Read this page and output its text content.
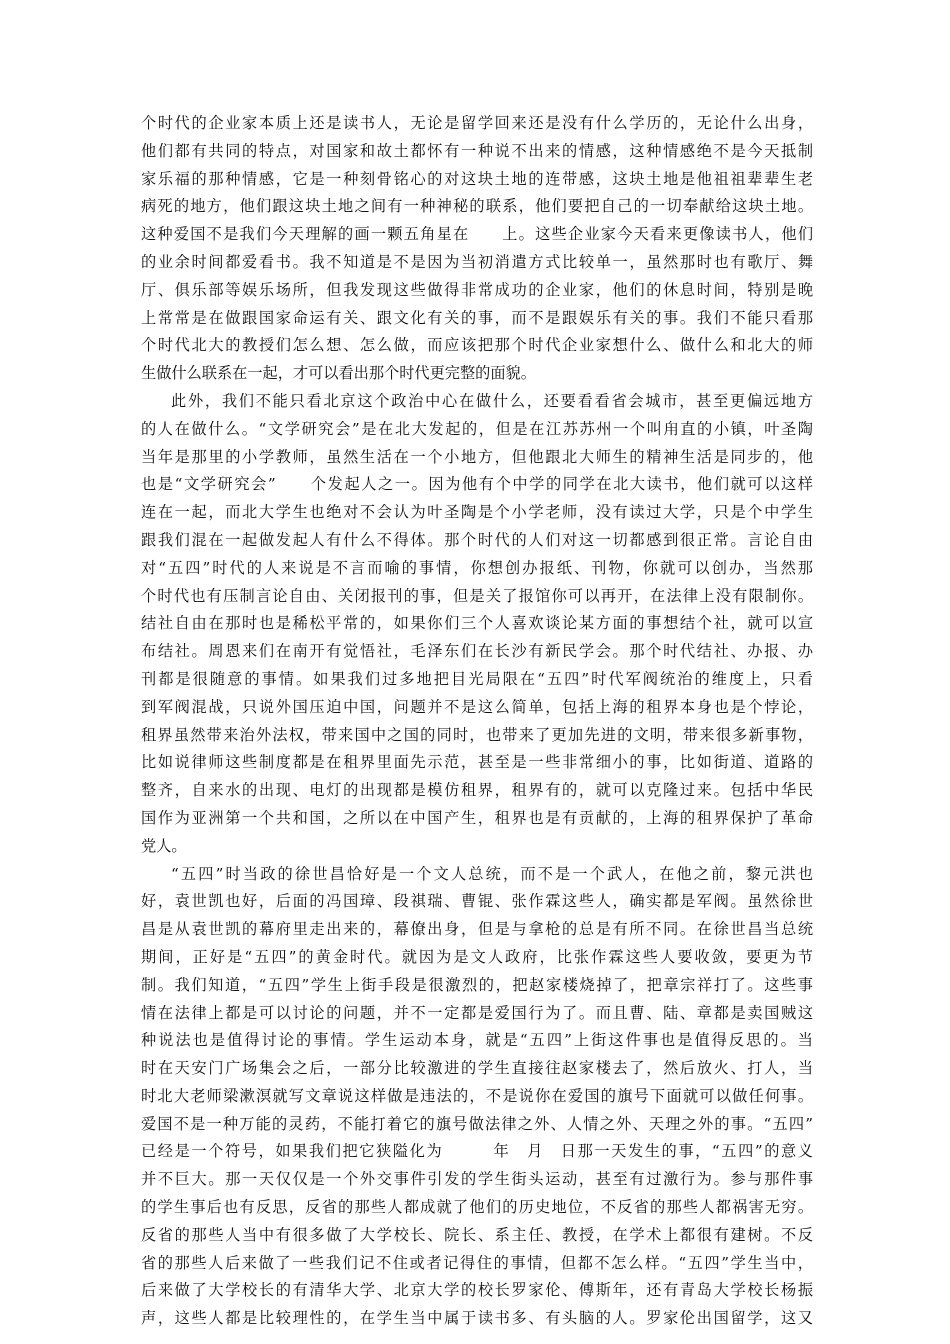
个时代的企业家本质上还是读书人，无论是留学回来还是没有什么学历的，无论什么出身，
他们都有共同的特点，对国家和故土都怀有一种说不出来的情感，这种情感绝不是今天抵制
家乐福的那种情感，它是一种刻骨铭心的对这块土地的连带感，这块土地是他祖祖辈辈生老
病死的地方，他们跟这块土地之间有一种神秘的联系，他们要把自己的一切奉献给这块土地。
这种爱国不是我们今天理解的画一颗五角星在　　上。这些企业家今天看来更像读书人，他们
的业余时间都爱看书。我不知道是不是因为当初消遣方式比较单一，虽然那时也有歌厅、舞
厅、俱乐部等娱乐场所，但我发现这些做得非常成功的企业家，他们的休息时间，特别是晚
上常常是在做跟国家命运有关、跟文化有关的事，而不是跟娱乐有关的事。我们不能只看那
个时代北大的教授们怎么想、怎么做，而应该把那个时代企业家想什么、做什么和北大的师
生做什么联系在一起，才可以看出那个时代更完整的面貌。
此外，我们不能只看北京这个政治中心在做什么，还要看看省会城市，甚至更偏远地方
的人在做什么。“文学研究会”是在北大发起的，但是在江苏苏州一个叫甪直的小镇，叶圣陶
当年是那里的小学教师，虽然生活在一个小地方，但他跟北大师生的精神生活是同步的，他
也是“文学研究会”　　个发起人之一。因为他有个中学的同学在北大读书，他们就可以这样
连在一起，而北大学生也绝对不会认为叶圣陶是个小学老师，没有读过大学，只是个中学生
跟我们混在一起做发起人有什么不得体。那个时代的人们对这一切都感到很正常。言论自由
对“五四”时代的人来说是不言而喻的事情，你想创办报纸、刊物，你就可以创办，当然那
个时代也有压制言论自由、关闭报刊的事，但是关了报馆你可以再开，在法律上没有限制你。
结社自由在那时也是稀松平常的，如果你们三个人喜欢谈论某方面的事想结个社，就可以宣
布结社。周恩来们在南开有觉悟社，毛泽东们在长沙有新民学会。那个时代结社、办报、办
刊都是很随意的事情。如果我们过多地把目光局限在“五四”时代军阀统治的维度上，只看
到军阀混战，只说外国压迫中国，问题并不是这么简单，包括上海的租界本身也是个悖论，
租界虽然带来治外法权，带来国中之国的同时，也带来了更加先进的文明，带来很多新事物，
比如说律师这些制度都是在租界里面先示范，甚至是一些非常细小的事，比如街道、道路的
整齐，自来水的出现、电灯的出现都是模仿租界，租界有的，就可以克隆过来。包括中华民
国作为亚洲第一个共和国，之所以在中国产生，租界也是有贡献的，上海的租界保护了革命
党人。
“五四”时当政的徐世昌恰好是一个文人总统，而不是一个武人，在他之前，黎元洪也
好，袁世凯也好，后面的冯国璋、段祺瑞、曹锟、张作霖这些人，确实都是军阀。虽然徐世
昌是从袁世凯的幕府里走出来的，幕僚出身，但是与拿枪的总是有所不同。在徐世昌当总统
期间，正好是“五四”的黄金时代。就因为是文人政府，比张作霖这些人要收敛，要更为节
制。我们知道，“五四”学生上街手段是很激烈的，把赵家楼烧掉了，把章宗祥打了。这些事
情在法律上都是可以讨论的问题，并不一定都是爱国行为了。而且曹、陆、章都是卖国贼这
种说法也是值得讨论的事情。学生运动本身，就是“五四”上街这件事也是值得反思的。当
时在天安门广场集会之后，一部分比较激进的学生直接往赵家楼去了，然后放火、打人，当
时北大老师梁漱溟就写文章说这样做是违法的，不是说你在爱国的旗号下面就可以做任何事。
爱国不是一种万能的灵药，不能打着它的旗号做法律之外、人情之外、天理之外的事。“五四”
已经是一个符号，如果我们把它狭隘化为　　　年　月　日那一天发生的事，“五四”的意义
并不巨大。那一天仅仅是一个外交事件引发的学生街头运动，甚至有过激行为。参与那件事
的学生事后也有反思，反省的那些人都成就了他们的历史地位，不反省的那些人都祸害无穷。
反省的那些人当中有很多做了大学校长、院长、系主任、教授，在学术上都很有建树。不反
省的那些人后来做了一些我们记不住或者记得住的事情，但都不怎么样。“五四”学生当中，
后来做了大学校长的有清华大学、北京大学的校长罗家伦、傅斯年，还有青岛大学校长杨振
声，这些人都是比较理性的，在学生当中属于读书多、有头脑的人。罗家伦出国留学，这又
